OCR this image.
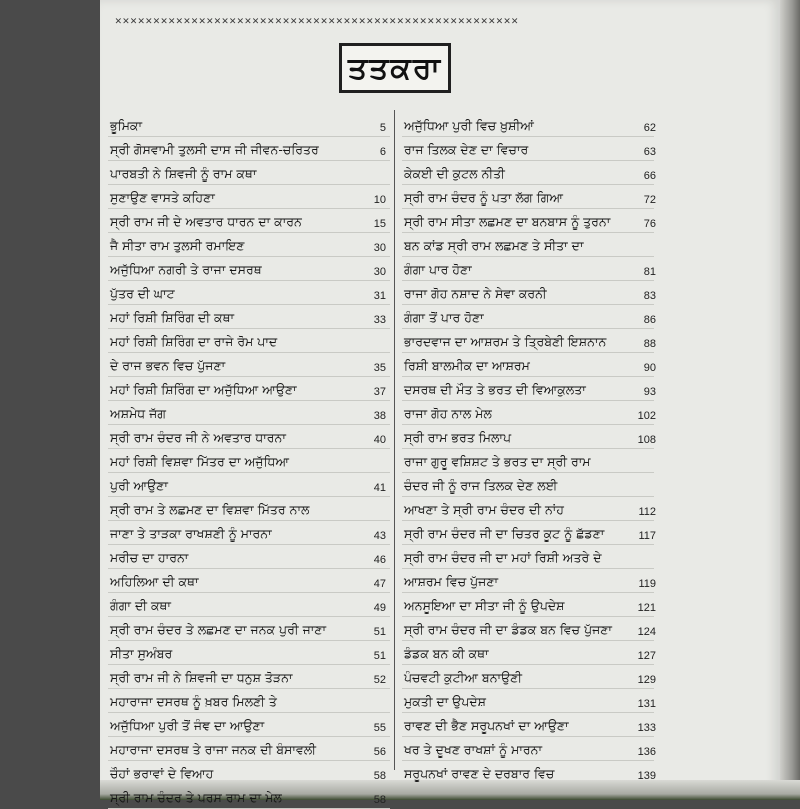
✕✕✕✕✕✕✕✕✕✕✕✕✕✕✕✕✕✕✕✕✕✕✕✕✕✕✕✕✕✕✕✕✕✕✕✕✕✕✕✕✕✕✕✕✕✕✕✕✕✕✕✕✕
ਤਤਕਰਾ
ਭੂਮਿਕਾ	5
ਸ੍ਰੀ ਗੋਸਵਾਮੀ ਤੁਲਸੀ ਦਾਸ ਜੀ ਜੀਵਨ-ਚਰਿਤਰ	6
ਪਾਰਬਤੀ ਨੇ ਸ਼ਿਵਜੀ ਨੂੰ ਰਾਮ ਕਥਾ
ਸੁਣਾਉਣ ਵਾਸਤੇ ਕਹਿਣਾ	10
ਸ੍ਰੀ ਰਾਮ ਜੀ ਦੇ ਅਵਤਾਰ ਧਾਰਨ ਦਾ ਕਾਰਨ	15
ਜੈ ਸੀਤਾ ਰਾਮ ਤੁਲਸੀ ਰਮਾਇਣ	30
ਅਜੁੱਧਿਆ ਨਗਰੀ ਤੇ ਰਾਜਾ ਦਸਰਥ	30
ਪੁੱਤਰ ਦੀ ਘਾਟ	31
ਮਹਾਂ ਰਿਸ਼ੀ ਸ਼ਿਰਿੰਗ ਦੀ ਕਥਾ	33
ਮਹਾਂ ਰਿਸ਼ੀ ਸ਼ਿਰਿੰਗ ਦਾ ਰਾਜੇ ਰੋਮ ਪਾਦ
ਦੇ ਰਾਜ ਭਵਨ ਵਿਚ ਪੁੱਜਣਾ	35
ਮਹਾਂ ਰਿਸ਼ੀ ਸ਼ਿਰਿੰਗ ਦਾ ਅਜੁੱਧਿਆ ਆਉਣਾ	37
ਅਸ਼ਮੇਧ ਜੱਗ	38
ਸ੍ਰੀ ਰਾਮ ਚੰਦਰ ਜੀ ਨੇ ਅਵਤਾਰ ਧਾਰਨਾ	40
ਮਹਾਂ ਰਿਸ਼ੀ ਵਿਸ਼ਵਾ ਮਿੱਤਰ ਦਾ ਅਜੁੱਧਿਆ
ਪੁਰੀ ਆਉਣਾ	41
ਸ੍ਰੀ ਰਾਮ ਤੇ ਲਛਮਣ ਦਾ ਵਿਸ਼ਵਾ ਮਿੱਤਰ ਨਾਲ
ਜਾਣਾ ਤੇ ਤਾੜਕਾ ਰਾਖਸ਼ਣੀ ਨੂੰ ਮਾਰਨਾ	43
ਮਰੀਚ ਦਾ ਹਾਰਨਾ	46
ਅਹਿਲਿਆ ਦੀ ਕਥਾ	47
ਗੰਗਾ ਦੀ ਕਥਾ	49
ਸ੍ਰੀ ਰਾਮ ਚੰਦਰ ਤੇ ਲਛਮਣ ਦਾ ਜਨਕ ਪੁਰੀ ਜਾਣਾ	51
ਸੀਤਾ ਸੁਅੰਬਰ	51
ਸ੍ਰੀ ਰਾਮ ਜੀ ਨੇ ਸ਼ਿਵਜੀ ਦਾ ਧਨੁਸ਼ ਤੋੜਨਾ	52
ਮਹਾਰਾਜਾ ਦਸਰਥ ਨੂੰ ਖ਼ਬਰ ਮਿਲਣੀ ਤੇ
ਅਜੁੱਧਿਆ ਪੁਰੀ ਤੋਂ ਜੰਞ ਦਾ ਆਉਣਾ	55
ਮਹਾਰਾਜਾ ਦਸਰਥ ਤੇ ਰਾਜਾ ਜਨਕ ਦੀ ਬੰਸਾਵਲੀ	56
ਚੌਹਾਂ ਭਰਾਵਾਂ ਦੇ ਵਿਆਹ	58
ਸ੍ਰੀ ਰਾਮ ਚੰਦਰ ਤੇ ਪਰਸ ਰਾਮ ਦਾ ਮੇਲ	58
ਅਜੁੱਧਿਆ ਪੁਰੀ ਵਿਚ ਖ਼ੁਸ਼ੀਆਂ	62
ਰਾਜ ਤਿਲਕ ਦੇਣ ਦਾ ਵਿਚਾਰ	63
ਕੇਕਈ ਦੀ ਕੁਟਲ ਨੀਤੀ	66
ਸ੍ਰੀ ਰਾਮ ਚੰਦਰ ਨੂੰ ਪਤਾ ਲੱਗ ਗਿਆ	72
ਸ੍ਰੀ ਰਾਮ ਸੀਤਾ ਲਛਮਣ ਦਾ ਬਨਬਾਸ ਨੂੰ ਤੁਰਨਾ	76
ਬਨ ਕਾਂਡ ਸ੍ਰੀ ਰਾਮ ਲਛਮਣ ਤੇ ਸੀਤਾ ਦਾ
ਗੰਗਾ ਪਾਰ ਹੋਣਾ	81
ਰਾਜਾ ਗੋਹ ਨਸ਼ਾਦ ਨੇ ਸੇਵਾ ਕਰਨੀ	83
ਗੰਗਾ ਤੋਂ ਪਾਰ ਹੋਣਾ	86
ਭਾਰਦਵਾਜ ਦਾ ਆਸ਼ਰਮ ਤੇ ਤ੍ਰਿਬੇਣੀ ਇਸ਼ਨਾਨ	88
ਰਿਸ਼ੀ ਬਾਲਮੀਕ ਦਾ ਆਸ਼ਰਮ	90
ਦਸਰਥ ਦੀ ਮੌਤ ਤੇ ਭਰਤ ਦੀ ਵਿਆਕੁਲਤਾ	93
ਰਾਜਾ ਗੋਹ ਨਾਲ ਮੇਲ	102
ਸ੍ਰੀ ਰਾਮ ਭਰਤ ਮਿਲਾਪ	108
ਰਾਜਾ ਗੁਰੂ ਵਸ਼ਿਸ਼ਟ ਤੇ ਭਰਤ ਦਾ ਸ੍ਰੀ ਰਾਮ
ਚੰਦਰ ਜੀ ਨੂੰ ਰਾਜ ਤਿਲਕ ਦੇਣ ਲਈ
ਆਖਣਾ ਤੇ ਸ੍ਰੀ ਰਾਮ ਚੰਦਰ ਦੀ ਨਾਂਹ	112
ਸ੍ਰੀ ਰਾਮ ਚੰਦਰ ਜੀ ਦਾ ਚਿਤਰ ਕੂਟ ਨੂੰ ਛੱਡਣਾ	117
ਸ੍ਰੀ ਰਾਮ ਚੰਦਰ ਜੀ ਦਾ ਮਹਾਂ ਰਿਸ਼ੀ ਅਤਰੇ ਦੇ
ਆਸ਼ਰਮ ਵਿਚ ਪੁੱਜਣਾ	119
ਅਨਸੂਇਆ ਦਾ ਸੀਤਾ ਜੀ ਨੂੰ ਉਪਦੇਸ਼	121
ਸ੍ਰੀ ਰਾਮ ਚੰਦਰ ਜੀ ਦਾ ਡੰਡਕ ਬਨ ਵਿਚ ਪੁੱਜਣਾ 124
ਡੰਡਕ ਬਨ ਕੀ ਕਥਾ	127
ਪੰਚਵਟੀ ਕੁਟੀਆ ਬਨਾਉਣੀ	129
ਮੁਕਤੀ ਦਾ ਉਪਦੇਸ਼	131
ਰਾਵਣ ਦੀ ਭੈਣ ਸਰੂਪਨਖਾਂ ਦਾ ਆਉਣਾ	133
ਖਰ ਤੇ ਦੂਖਣ ਰਾਖਸ਼ਾਂ ਨੂੰ ਮਾਰਨਾ	136
ਸਰੂਪਨਖਾਂ ਰਾਵਣ ਦੇ ਦਰਬਾਰ ਵਿਚ	139
